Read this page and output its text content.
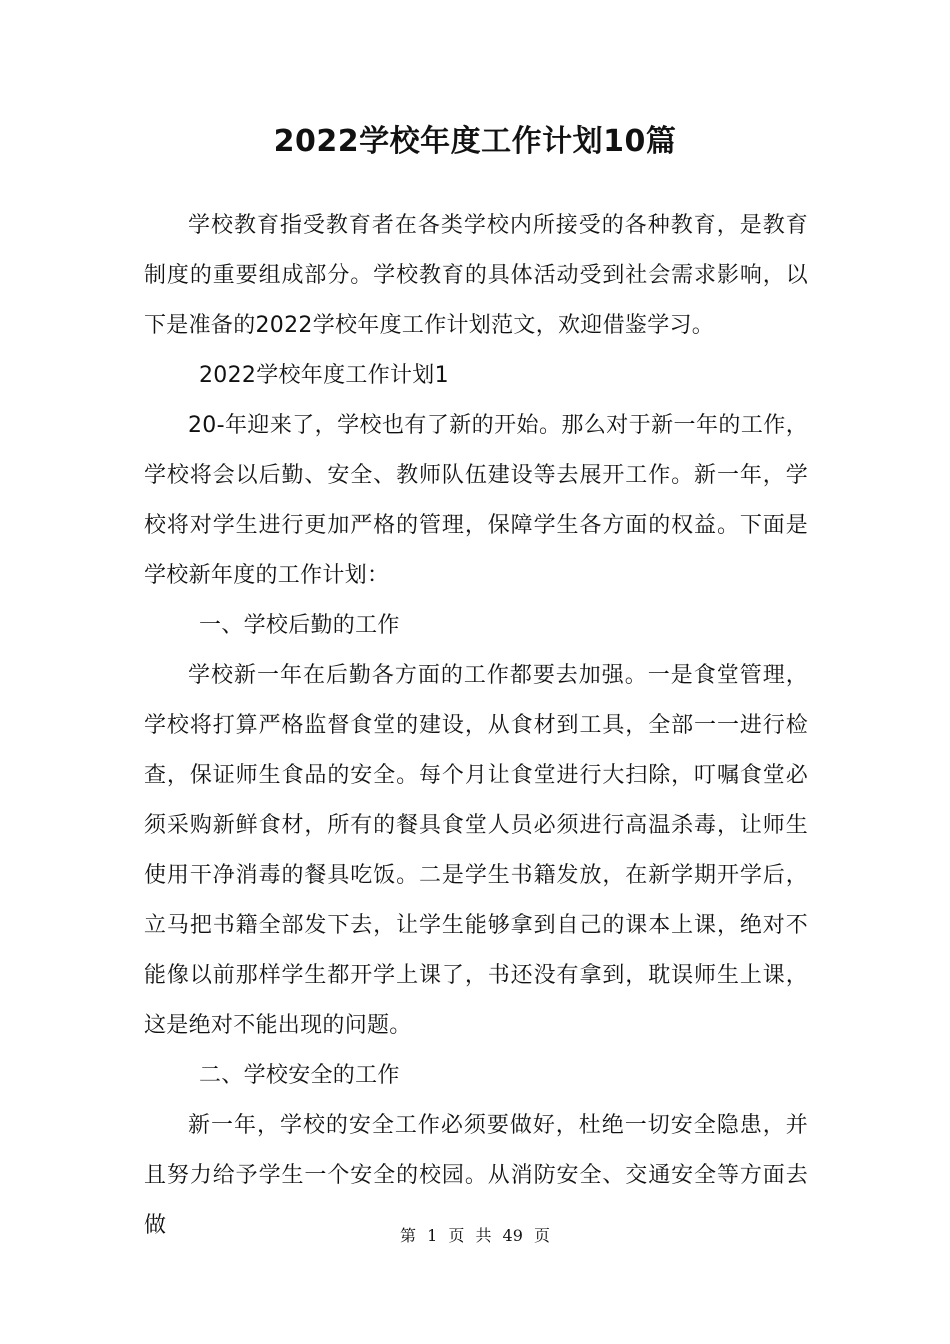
2022学校年度工作计划10篇

学校教育指受教育者在各类学校内所接受的各种教育，是教育制度的重要组成部分。学校教育的具体活动受到社会需求影响，以下是准备的2022学校年度工作计划范文，欢迎借鉴学习。

2022学校年度工作计划1

20-年迎来了，学校也有了新的开始。那么对于新一年的工作，学校将会以后勤、安全、教师队伍建设等去展开工作。新一年，学校将对学生进行更加严格的管理，保障学生各方面的权益。下面是学校新年度的工作计划：

一、学校后勤的工作

学校新一年在后勤各方面的工作都要去加强。一是食堂管理，学校将打算严格监督食堂的建设，从食材到工具，全部一一进行检查，保证师生食品的安全。每个月让食堂进行大扫除，叮嘱食堂必须采购新鲜食材，所有的餐具食堂人员必须进行高温杀毒，让师生使用干净消毒的餐具吃饭。二是学生书籍发放，在新学期开学后，立马把书籍全部发下去，让学生能够拿到自己的课本上课，绝对不能像以前那样学生都开学上课了，书还没有拿到，耽误师生上课，这是绝对不能出现的问题。

二、学校安全的工作

新一年，学校的安全工作必须要做好，杜绝一切安全隐患，并且努力给予学生一个安全的校园。从消防安全、交通安全等方面去做	第 1 页 共 49 页
